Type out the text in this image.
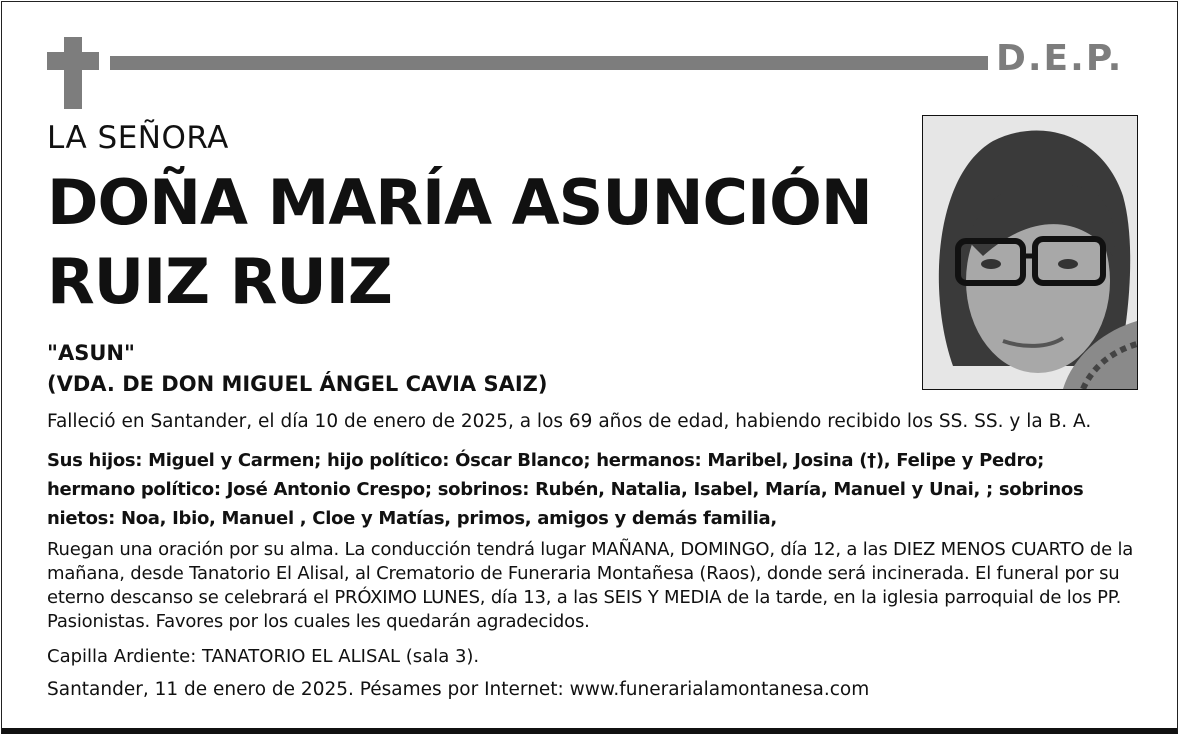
D.E.P.
LA SEÑORA
DOÑA MARÍA ASUNCIÓN
RUIZ RUIZ
"ASUN"
(VDA. DE DON MIGUEL ÁNGEL CAVIA SAIZ)
Falleció en Santander, el día 10 de enero de 2025, a los 69 años de edad, habiendo recibido los SS. SS. y la B. A.
Sus hijos: Miguel y Carmen; hijo político: Óscar Blanco; hermanos: Maribel, Josina (†), Felipe y Pedro; hermano político: José Antonio Crespo; sobrinos: Rubén, Natalia, Isabel, María, Manuel y Unai, ; sobrinos nietos: Noa, Ibio, Manuel , Cloe y Matías, primos, amigos y demás familia,
Ruegan una oración por su alma. La conducción tendrá lugar MAÑANA, DOMINGO, día 12, a las DIEZ MENOS CUARTO de la mañana, desde Tanatorio El Alisal, al Crematorio de Funeraria Montañesa (Raos), donde será incinerada. El funeral por su eterno descanso se celebrará el PRÓXIMO LUNES, día 13, a las SEIS Y MEDIA de la tarde, en la iglesia parroquial de los PP. Pasionistas. Favores por los cuales les quedarán agradecidos.
Capilla Ardiente: TANATORIO EL ALISAL (sala 3).
Santander, 11 de enero de 2025. Pésames por Internet: www.funerarialamontanesa.com
